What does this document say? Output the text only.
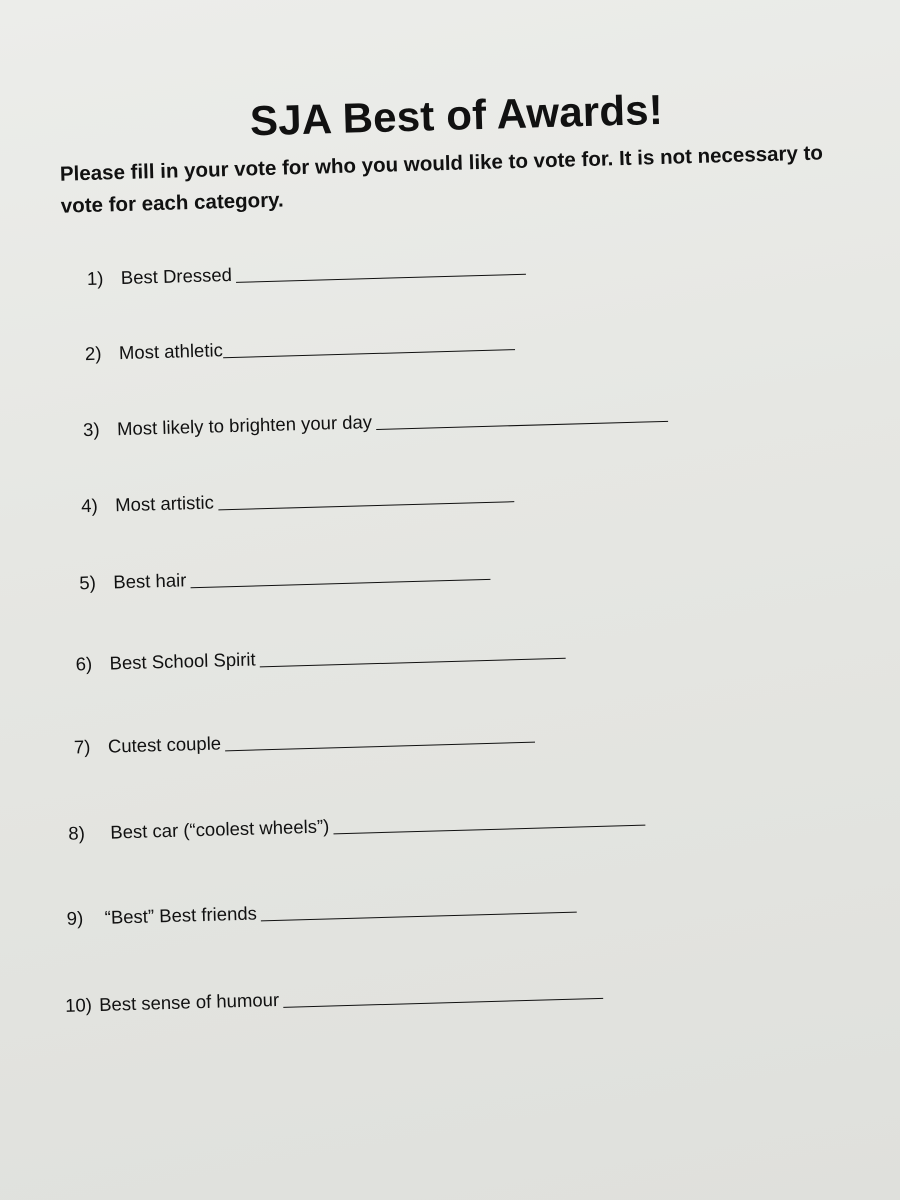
SJA Best of Awards!
Please fill in your vote for who you would like to vote for. It is not necessary to vote for each category.
1) Best Dressed
2) Most athletic
3) Most likely to brighten your day
4) Most artistic
5) Best hair
6) Best School Spirit
7) Cutest couple
8)	Best car (“coolest wheels”)
9)	“Best” Best friends
10) Best sense of humour
